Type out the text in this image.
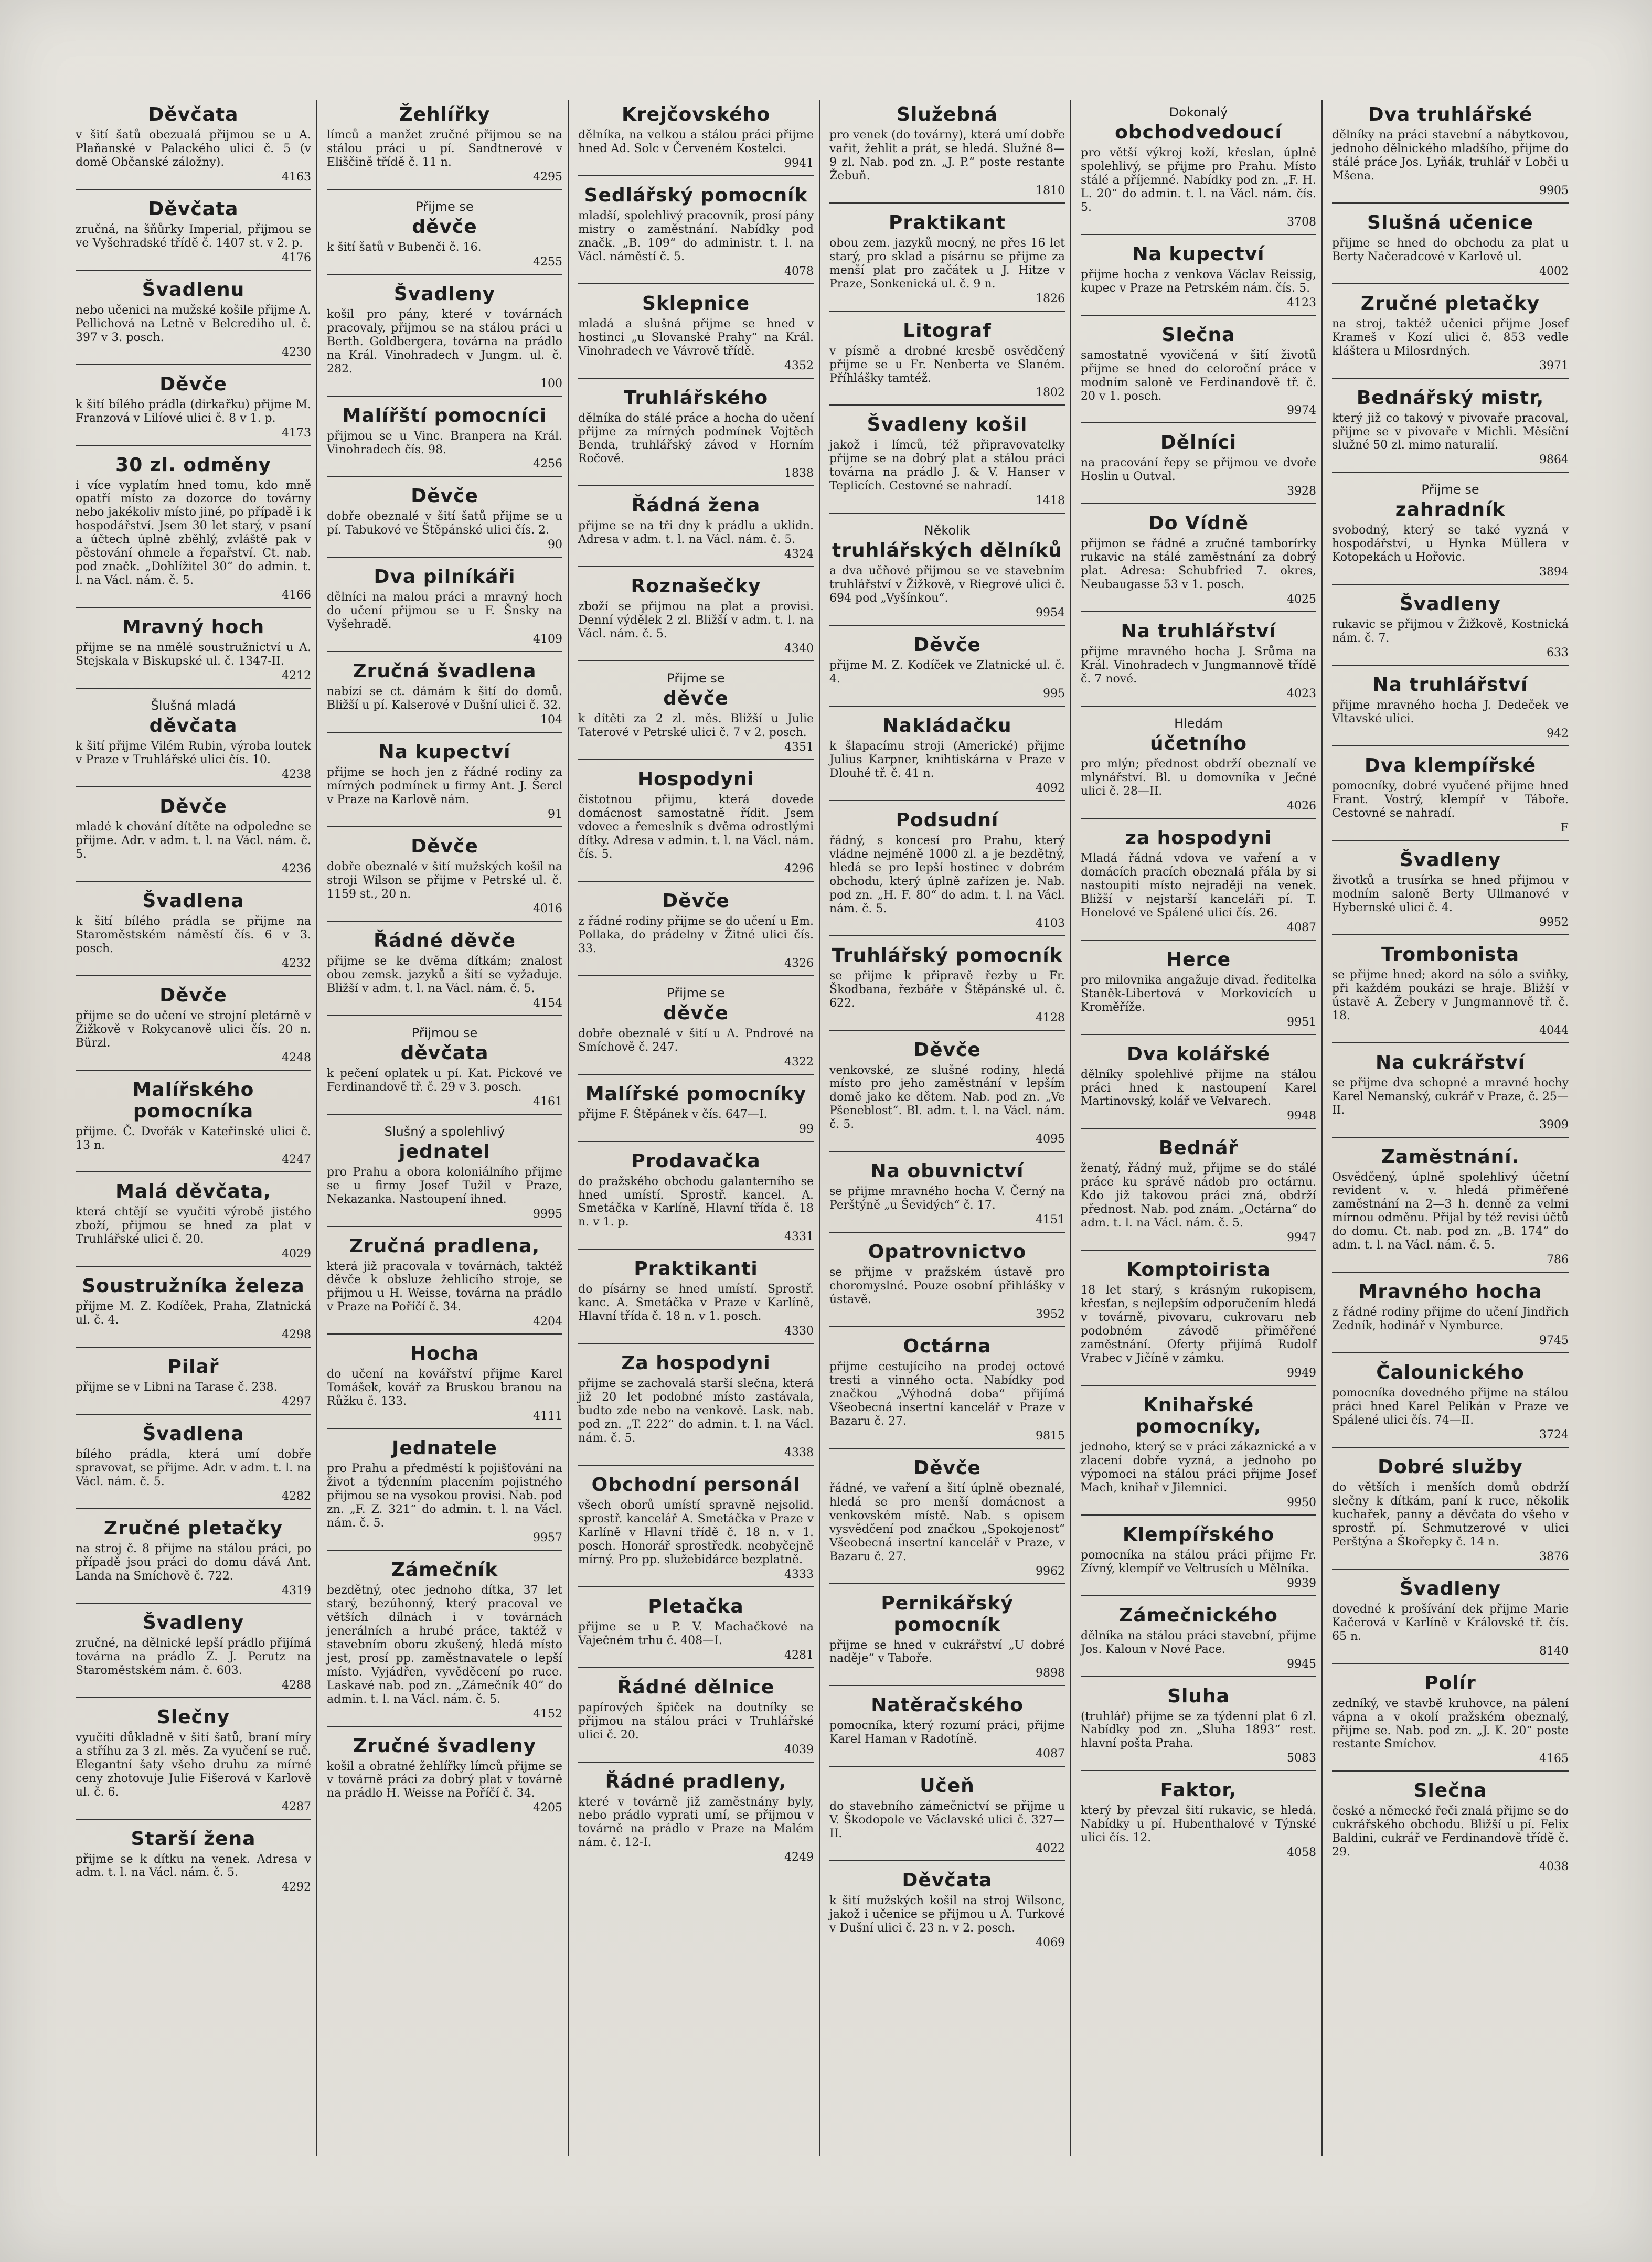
Děvčata
v šití šatů obezualá přijmou se u A. Plaňanské v Palackého ulici č. 5 (v domě Občanské záložny).
4163
Děvčata
zručná, na šňůrky Imperial, přijmou se ve Vyšehradské třídě č. 1407 st. v 2. p.
4176
Švadlenu
nebo učenici na mužské košile přijme A. Pellichová na Letně v Belcrediho ul. č. 397 v 3. posch.
4230
Děvče
k šití bílého prádla (dirkařku) přijme M. Franzová v Lilíové ulici č. 8 v 1. p.
4173
30 zl. odměny
i více vyplatím hned tomu, kdo mně opatří místo za dozorce do továrny nebo jakékoliv místo jiné, po případě i k hospodářství. Jsem 30 let starý, v psaní a účtech úplně zběhlý, zvláště pak v pěstování ohmele a řepařství. Ct. nab. pod značk. „Dohlížitel 30“ do admin. t. l. na Václ. nám. č. 5.
4166
Mravný hoch
přijme se na nmělé soustružnictví u A. Stejskala v Biskupské ul. č. 1347-II.
4212
Šlušná mladá
děvčata
k šití přijme Vilém Rubin, výroba loutek v Praze v Truhlářské ulici čís. 10.
4238
Děvče
mladé k chování dítěte na odpoledne se přijme. Adr. v adm. t. l. na Václ. nám. č. 5.
4236
Švadlena
k šití bílého prádla se přijme na Staroměstském náměstí čís. 6 v 3. posch.
4232
Děvče
přijme se do učení ve strojní pletárně v Žižkově v Rokycanově ulici čís. 20 n. Bürzl.
4248
Malířského pomocníka
přijme. Č. Dvořák v Kateřinské ulici č. 13 n.
4247
Malá děvčata,
která chtějí se vyučiti výrobě jistého zboží, přijmou se hned za plat v Truhlářské ulici č. 20.
4029
Soustružníka železa
přijme M. Z. Kodíček, Praha, Zlatnická ul. č. 4.
4298
Pilař
přijme se v Libni na Tarase č. 238.
4297
Švadlena
bílého prádla, která umí dobře spravovat, se přijme. Adr. v adm. t. l. na Václ. nám. č. 5.
4282
Zručné pletačky
na stroj č. 8 přijme na stálou práci, po případě jsou práci do domu dává Ant. Landa na Smíchově č. 722.
4319
Švadleny
zručné, na dělnické lepší prádlo přijímá továrna na prádlo Z. J. Perutz na Staroměstském nám. č. 603.
4288
Slečny
vyučíti důkladně v šití šatů, braní míry a stříhu za 3 zl. měs. Za vyučení se ruč. Elegantní šaty všeho druhu za mírné ceny zhotovuje Julie Fišerová v Karlově ul. č. 6.
4287
Starší žena
přijme se k dítku na venek. Adresa v adm. t. l. na Václ. nám. č. 5.
4292
Žehlířky
límců a manžet zručné přijmou se na stálou práci u pí. Sandtnerové v Eliščině třídě č. 11 n.
4295
Přijme se
děvče
k šití šatů v Bubenči č. 16.
4255
Švadleny
košil pro pány, které v továrnách pracovaly, přijmou se na stálou práci u Berth. Goldbergera, továrna na prádlo na Král. Vinohradech v Jungm. ul. č. 282.
100
Malířští pomocníci
přijmou se u Vinc. Branpera na Král. Vinohradech čís. 98.
4256
Děvče
dobře obeznalé v šití šatů přijme se u pí. Tabukové ve Štěpánské ulici čís. 2.
90
Dva pilníkáři
dělníci na malou práci a mravný hoch do učení přijmou se u F. Šnsky na Vyšehradě.
4109
Zručná švadlena
nabízí se ct. dámám k šití do domů. Bližší u pí. Kalserové v Dušní ulici č. 32.
104
Na kupectví
přijme se hoch jen z řádné rodiny za mírných podmínek u firmy Ant. J. Šercl v Praze na Karlově nám.
91
Děvče
dobře obeznalé v šití mužských košil na stroji Wilson se přijme v Petrské ul. č. 1159 st., 20 n.
4016
Řádné děvče
přijme se ke dvěma dítkám; znalost obou zemsk. jazyků a šití se vyžaduje. Bližší v adm. t. l. na Václ. nám. č. 5.
4154
Přijmou se
děvčata
k pečení oplatek u pí. Kat. Pickové ve Ferdinandově tř. č. 29 v 3. posch.
4161
Slušný a spolehlivý
jednatel
pro Prahu a obora koloniálního přijme se u firmy Josef Tužil v Praze, Nekazanka. Nastoupení ihned.
9995
Zručná pradlena,
která již pracovala v továrnách, taktéž děvče k obsluze žehlicího stroje, se přijmou u H. Weisse, továrna na prádlo v Praze na Poříčí č. 34.
4204
Hocha
do učení na kovářství přijme Karel Tomášek, kovář za Bruskou branou na Růžku č. 133.
4111
Jednatele
pro Prahu a předměstí k pojišťování na život a týdenním placením pojistného přijmou se na vysokou provisi. Nab. pod zn. „F. Z. 321“ do admin. t. l. na Václ. nám. č. 5.
9957
Zámečník
bezdětný, otec jednoho dítka, 37 let starý, bezúhonný, který pracoval ve větších dílnách i v továrnách jenerálních a hrubé práce, taktéž v stavebním oboru zkušený, hledá místo jest, prosí pp. zaměstnavatele o lepší místo. Vyjádřen, vyvěděcení po ruce. Laskavé nab. pod zn. „Zámečník 40“ do admin. t. l. na Václ. nám. č. 5.
4152
Zručné švadleny
košil a obratné žehlířky límců přijme se v továrně práci za dobrý plat v továrně na prádlo H. Weisse na Poříčí č. 34.
4205
Krejčovského
dělníka, na velkou a stálou práci přijme hned Ad. Solc v Červeném Kostelci.
9941
Sedlářský pomocník
mladší, spolehlivý pracovník, prosí pány mistry o zaměstnání. Nabídky pod značk. „B. 109“ do administr. t. l. na Václ. náměstí č. 5.
4078
Sklepnice
mladá a slušná přijme se hned v hostinci „u Slovanské Prahy“ na Král. Vinohradech ve Vávrově třídě.
4352
Truhlářského
dělníka do stálé práce a hocha do učení přijme za mírných podmínek Vojtěch Benda, truhlářský závod v Horním Ročově.
1838
Řádná žena
přijme se na tři dny k prádlu a uklidn. Adresa v adm. t. l. na Václ. nám. č. 5.
4324
Roznašečky
zboží se přijmou na plat a provisi. Denní výdělek 2 zl. Bližší v adm. t. l. na Václ. nám. č. 5.
4340
Přijme se
děvče
k dítěti za 2 zl. měs. Bližší u Julie Taterové v Petrské ulici č. 7 v 2. posch.
4351
Hospodyni
čistotnou přijmu, která dovede domácnost samostatně řídit. Jsem vdovec a řemeslník s dvěma odrostlými dítky. Adresa v admin. t. l. na Václ. nám. čís. 5.
4296
Děvče
z řádné rodiny přijme se do učení u Em. Pollaka, do prádelny v Žitné ulici čís. 33.
4326
Přijme se
děvče
dobře obeznalé v šití u A. Pndrové na Smíchově č. 247.
4322
Malířské pomocníky
přijme F. Štěpánek v čís. 647—I.
99
Prodavačka
do pražského obchodu galanterního se hned umístí. Sprostř. kancel. A. Smetáčka v Karlíně, Hlavní třída č. 18 n. v 1. p.
4331
Praktikanti
do písárny se hned umístí. Sprostř. kanc. A. Smetáčka v Praze v Karlíně, Hlavní třída č. 18 n. v 1. posch.
4330
Za hospodyni
přijme se zachovalá starší slečna, která již 20 let podobné místo zastávala, budto zde nebo na venkově. Lask. nab. pod zn. „T. 222“ do admin. t. l. na Václ. nám. č. 5.
4338
Obchodní personál
všech oborů umístí spravně nejsolid. sprostř. kancelář A. Smetáčka v Praze v Karlíně v Hlavní třídě č. 18 n. v 1. posch. Honorář sprostředk. neobyčejně mírný. Pro pp. služebidárce bezplatně.
4333
Pletačka
přijme se u P. V. Machačkové na Vaječném trhu č. 408—I.
4281
Řádné dělnice
papírových špiček na doutníky se přijmou na stálou práci v Truhlářské ulici č. 20.
4039
Řádné pradleny,
které v továrně již zaměstnány byly, nebo prádlo vyprati umí, se přijmou v továrně na prádlo v Praze na Malém nám. č. 12-I.
4249
Služebná
pro venek (do továrny), která umí dobře vařit, žehlit a prát, se hledá. Služné 8—9 zl. Nab. pod zn. „J. P.“ poste restante Žebuň.
1810
Praktikant
obou zem. jazyků mocný, ne přes 16 let starý, pro sklad a písárnu se přijme za menší plat pro začátek u J. Hitze v Praze, Sonkenická ul. č. 9 n.
1826
Litograf
v písmě a drobné kresbě osvědčený přijme se u Fr. Nenberta ve Slaném. Příhlášky tamtéž.
1802
Švadleny košil
jakož i límců, též připravovatelky přijme se na dobrý plat a stálou práci továrna na prádlo J. & V. Hanser v Teplicích. Cestovné se nahradí.
1418
Několik
truhlářských dělníků
a dva učňové přijmou se ve stavebním truhlářství v Žižkově, v Riegrové ulici č. 694 pod „Vyšínkou“.
9954
Děvče
přijme M. Z. Kodíček ve Zlatnické ul. č. 4.
995
Nakládačku
k šlapacímu stroji (Americké) přijme Julius Karpner, knihtiskárna v Praze v Dlouhé tř. č. 41 n.
4092
Podsudní
řádný, s koncesí pro Prahu, který vládne nejméně 1000 zl. a je bezdětný, hledá se pro lepší hostinec v dobrém obchodu, který úplně zařízen je. Nab. pod zn. „H. F. 80“ do adm. t. l. na Václ. nám. č. 5.
4103
Truhlářský pomocník
se přijme k připravě řezby u Fr. Škodbana, řezbáře v Štěpánské ul. č. 622.
4128
Děvče
venkovské, ze slušné rodiny, hledá místo pro jeho zaměstnání v lepším domě jako ke dětem. Nab. pod zn. „Ve Pšeneblost“. Bl. adm. t. l. na Václ. nám. č. 5.
4095
Na obuvnictví
se přijme mravného hocha V. Černý na Perštýně „u Ševidých“ č. 17.
4151
Opatrovnictvo
se přijme v pražském ústavě pro choromyslné. Pouze osobní přihlášky v ústavě.
3952
Octárna
přijme cestujícího na prodej octové tresti a vinného octa. Nabídky pod značkou „Výhodná doba“ přijímá Všeobecná insertní kancelář v Praze v Bazaru č. 27.
9815
Děvče
řádné, ve vaření a šití úplně obeznalé, hledá se pro menší domácnost a venkovském místě. Nab. s opisem vysvědčení pod značkou „Spokojenost“ Všeobecná insertní kancelář v Praze, v Bazaru č. 27.
9962
Pernikářský pomocník
přijme se hned v cukrářství „U dobré naděje“ v Taboře.
9898
Natěračského
pomocníka, který rozumí práci, přijme Karel Haman v Radotíně.
4087
Učeň
do stavebního zámečnictví se přijme u V. Škodopole ve Václavské ulici č. 327—II.
4022
Děvčata
k šití mužských košil na stroj Wilsonc, jakož i učenice se přijmou u A. Turkové v Dušní ulici č. 23 n. v 2. posch.
4069
Dokonalý
obchodvedoucí
pro větší výkroj koží, křeslan, úplně spolehlivý, se přijme pro Prahu. Místo stálé a příjemné. Nabídky pod zn. „F. H. L. 20“ do admin. t. l. na Václ. nám. čís. 5.
3708
Na kupectví
přijme hocha z venkova Václav Reissig, kupec v Praze na Petrském nám. čís. 5.
4123
Slečna
samostatně vyovičená v šití životů přijme se hned do celoroční práce v modním saloně ve Ferdinandově tř. č. 20 v 1. posch.
9974
Dělníci
na pracování řepy se přijmou ve dvoře Hoslin u Outval.
3928
Do Vídně
přijmon se řádné a zručné tamborírky rukavic na stálé zaměstnání za dobrý plat. Adresa: Schubfried 7. okres, Neubaugasse 53 v 1. posch.
4025
Na truhlářství
přijme mravného hocha J. Srůma na Král. Vinohradech v Jungmannově třídě č. 7 nové.
4023
Hledám
účetního
pro mlýn; přednost obdrží obeznalí ve mlynářství. Bl. u domovníka v Ječné ulici č. 28—II.
4026
za hospodyni
Mladá řádná vdova ve vaření a v domácích pracích obeznalá přála by si nastoupiti místo nejraději na venek. Bližší v nejstarší kanceláři pí. T. Honelové ve Spálené ulici čís. 26.
4087
Herce
pro milovnika angažuje divad. ředitelka Staněk-Libertová v Morkovicích u Kroměříže.
9951
Dva kolářské
dělníky spolehlivé přijme na stálou práci hned k nastoupení Karel Martinovský, kolář ve Velvarech.
9948
Bednář
ženatý, řádný muž, přijme se do stálé práce ku správě nádob pro octárnu. Kdo již takovou práci zná, obdrží přednost. Nab. pod znám. „Octárna“ do adm. t. l. na Václ. nám. č. 5.
9947
Komptoirista
18 let starý, s krásným rukopisem, křesťan, s nejlepším odporučením hledá v továrně, pivovaru, cukrovaru neb podobném závodě přiměřené zaměstnání. Oferty přijímá Rudolf Vrabec v Jičíně v zámku.
9949
Knihařské pomocníky,
jednoho, který se v práci zákaznické a v zlacení dobře vyzná, a jednoho po výpomoci na stálou práci přijme Josef Mach, knihař v Jilemnici.
9950
Klempířského
pomocníka na stálou práci přijme Fr. Zívný, klempíř ve Veltrusích u Mělníka.
9939
Zámečnického
dělníka na stálou práci stavební, přijme Jos. Kaloun v Nové Pace.
9945
Sluha
(truhlář) přijme se za týdenní plat 6 zl. Nabídky pod zn. „Sluha 1893“ rest. hlavní pošta Praha.
5083
Faktor,
který by převzal šití rukavic, se hledá. Nabídky u pí. Hubenthalové v Týnské ulici čís. 12.
4058
Dva truhlářské
dělníky na práci stavební a nábytkovou, jednoho dělnického mladšího, přijme do stálé práce Jos. Lyňák, truhlář v Lobči u Mšena.
9905
Slušná učenice
přijme se hned do obchodu za plat u Berty Načeradcové v Karlově ul.
4002
Zručné pletačky
na stroj, taktéž učenici přijme Josef Krameš v Kozí ulici č. 853 vedle kláštera u Milosrdných.
3971
Bednářský mistr,
který již co takový v pivovaře pracoval, přijme se v pivovaře v Michli. Měsíční služné 50 zl. mimo naturalií.
9864
Přijme se
zahradník
svobodný, který se také vyzná v hospodářství, u Hynka Müllera v Kotopekách u Hořovic.
3894
Švadleny
rukavic se přijmou v Žižkově, Kostnická nám. č. 7.
633
Na truhlářství
přijme mravného hocha J. Dedeček ve Vltavské ulici.
942
Dva klempířské
pomocníky, dobré vyučené přijme hned Frant. Vostrý, klempíř v Táboře. Cestovné se nahradí.
F
Švadleny
životků a trusírka se hned přijmou v modním saloně Berty Ullmanové v Hybernské ulici č. 4.
9952
Trombonista
se přijme hned; akord na sólo a sviňky, při každém poukázi se hraje. Bližší v ústavě A. Žebery v Jungmannově tř. č. 18.
4044
Na cukrářství
se přijme dva schopné a mravné hochy Karel Nemanský, cukrář v Praze, č. 25—II.
3909
Zaměstnání.
Osvědčený, úplně spolehlivý účetní revident v. v. hledá přiměřené zaměstnání na 2—3 h. denně za velmi mírnou odměnu. Přijal by též revisi účtů do domu. Ct. nab. pod zn. „B. 174“ do adm. t. l. na Václ. nám. č. 5.
786
Mravného hocha
z řádné rodiny přijme do učení Jindřich Zedník, hodinář v Nymburce.
9745
Čalounického
pomocníka dovedného přijme na stálou práci hned Karel Pelikán v Praze ve Spálené ulici čís. 74—II.
3724
Dobré služby
do větších i menších domů obdrží slečny k dítkám, paní k ruce, několik kuchařek, panny a děvčata do všeho v sprostř. pí. Schmutzerové v ulici Perštýna a Škořepky č. 14 n.
3876
Švadleny
dovedné k prošívání dek přijme Marie Kačerová v Karlíně v Královské tř. čís. 65 n.
8140
Polír
zedníký, ve stavbě kruhovce, na pálení vápna a v okolí pražském obeznalý, přijme se. Nab. pod zn. „J. K. 20“ poste restante Smíchov.
4165
Slečna
české a německé řeči znalá přijme se do cukrářského obchodu. Bližší u pí. Felix Baldini, cukrář ve Ferdinandově třídě č. 29.
4038
